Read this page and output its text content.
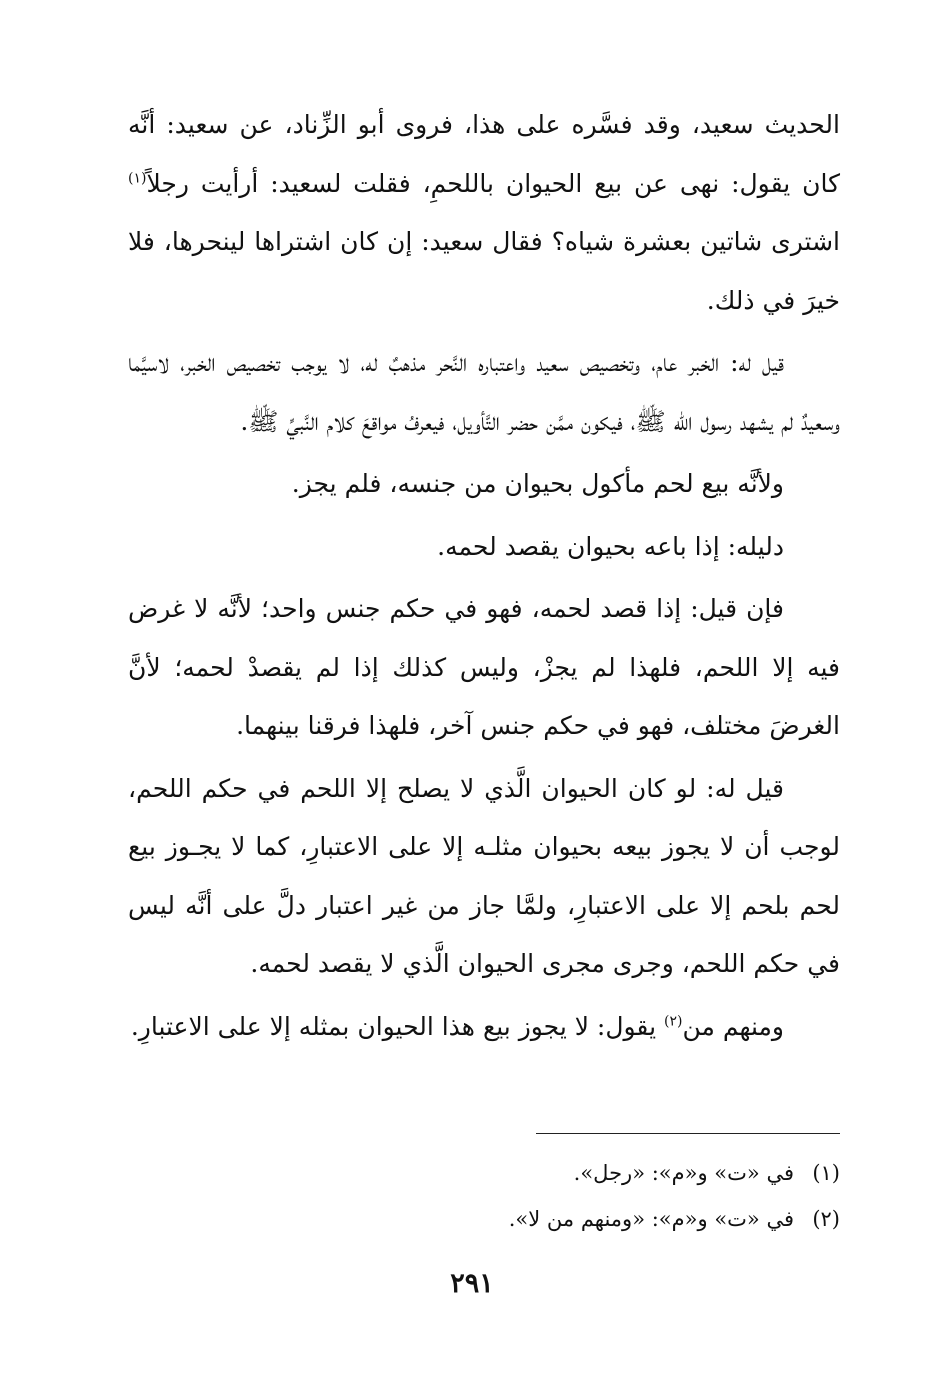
الحديث سعيد، وقد فسَّره على هذا، فروى أبو الزِّناد، عن سعيد: أنَّه كان يقول: نهى عن بيع الحيوان باللحمِ، فقلت لسعيد: أرأيت رجلاً$^{(١)}$ اشترى شاتين بعشرة شياه؟ فقال سعيد: إن كان اشتراها لينحرها، فلا خيرَ في ذلك.

قيل له: الخبر عام، وتخصيص سعيد واعتباره النَّحر مذهبٌ له، لا يوجب تخصيص الخبر، لاسيَّما وسعيدٌ لم يشهد رسول الله ﷺ، فيكون ممَّن حضر التَّأويل، فيعرفُ مواقعَ كلام النَّبيِّ ﷺ.

ولأنَّه بيع لحم مأكول بحيوان من جنسه، فلم يجز.

دليله: إذا باعه بحيوان يقصد لحمه.

فإن قيل: إذا قصد لحمه، فهو في حكم جنس واحد؛ لأنَّه لا غرض فيه إلا اللحم، فلهذا لم يجزْ، وليس كذلك إذا لم يقصدْ لحمه؛ لأنَّ الغرضَ مختلف، فهو في حكم جنس آخر، فلهذا فرقنا بينهما.

قيل له: لو كان الحيوان الَّذي لا يصلح إلا اللحم في حكم اللحم، لوجب أن لا يجوز بيعه بحيوان مثلـه إلا على الاعتبارِ، كما لا يجـوز بيع لحم بلحم إلا على الاعتبارِ، ولمَّا جاز من غير اعتبار دلَّ على أنَّه ليس في حكم اللحم، وجرى مجرى الحيوان الَّذي لا يقصد لحمه.

ومنهم من$^{(٢)}$ يقول: لا يجوز بيع هذا الحيوان بمثله إلا على الاعتبارِ.

(١)في «ت» و«م»: «رجل».

(٢)في «ت» و«م»: «ومنهم من لا».

٢٩١
